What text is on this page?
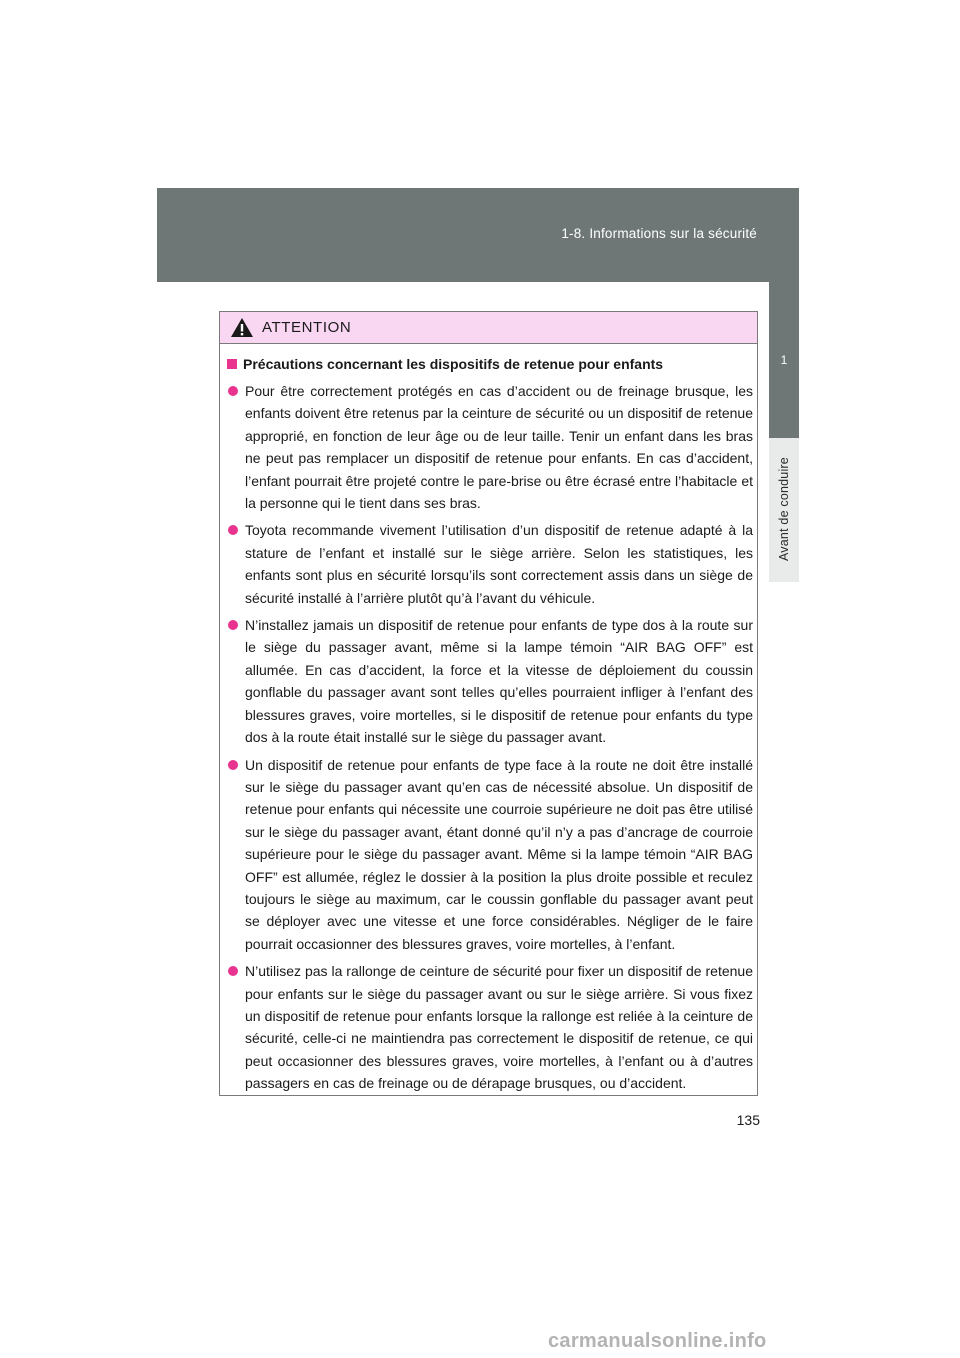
1-8. Informations sur la sécurité
1
Avant de conduire
ATTENTION
Précautions concernant les dispositifs de retenue pour enfants
Pour être correctement protégés en cas d’accident ou de freinage brusque, les enfants doivent être retenus par la ceinture de sécurité ou un dispositif de retenue approprié, en fonction de leur âge ou de leur taille. Tenir un enfant dans les bras ne peut pas remplacer un dispositif de retenue pour enfants. En cas d’accident, l’enfant pourrait être projeté contre le pare-brise ou être écrasé entre l’habitacle et la personne qui le tient dans ses bras.
Toyota recommande vivement l’utilisation d’un dispositif de retenue adapté à la stature de l’enfant et installé sur le siège arrière. Selon les statistiques, les enfants sont plus en sécurité lorsqu’ils sont correctement assis dans un siège de sécurité installé à l’arrière plutôt qu’à l’avant du véhicule.
N’installez jamais un dispositif de retenue pour enfants de type dos à la route sur le siège du passager avant, même si la lampe témoin “AIR BAG OFF” est allumée. En cas d’accident, la force et la vitesse de déploiement du coussin gonflable du passager avant sont telles qu’elles pourraient infliger à l’enfant des blessures graves, voire mortelles, si le dispositif de retenue pour enfants du type dos à la route était installé sur le siège du passager avant.
Un dispositif de retenue pour enfants de type face à la route ne doit être installé sur le siège du passager avant qu’en cas de nécessité absolue. Un dispositif de retenue pour enfants qui nécessite une courroie supérieure ne doit pas être utilisé sur le siège du passager avant, étant donné qu’il n’y a pas d’ancrage de courroie supérieure pour le siège du passager avant. Même si la lampe témoin “AIR BAG OFF” est allumée, réglez le dossier à la position la plus droite possible et reculez toujours le siège au maximum, car le coussin gonflable du passager avant peut se déployer avec une vitesse et une force considérables. Négliger de le faire pourrait occasionner des blessures graves, voire mortelles, à l’enfant.
N’utilisez pas la rallonge de ceinture de sécurité pour fixer un dispositif de retenue pour enfants sur le siège du passager avant ou sur le siège arrière. Si vous fixez un dispositif de retenue pour enfants lorsque la rallonge est reliée à la ceinture de sécurité, celle-ci ne maintiendra pas correctement le dispositif de retenue, ce qui peut occasionner des blessures graves, voire mortelles, à l’enfant ou à d’autres passagers en cas de freinage ou de dérapage brusques, ou d’accident.
135
carmanualsonline.info
